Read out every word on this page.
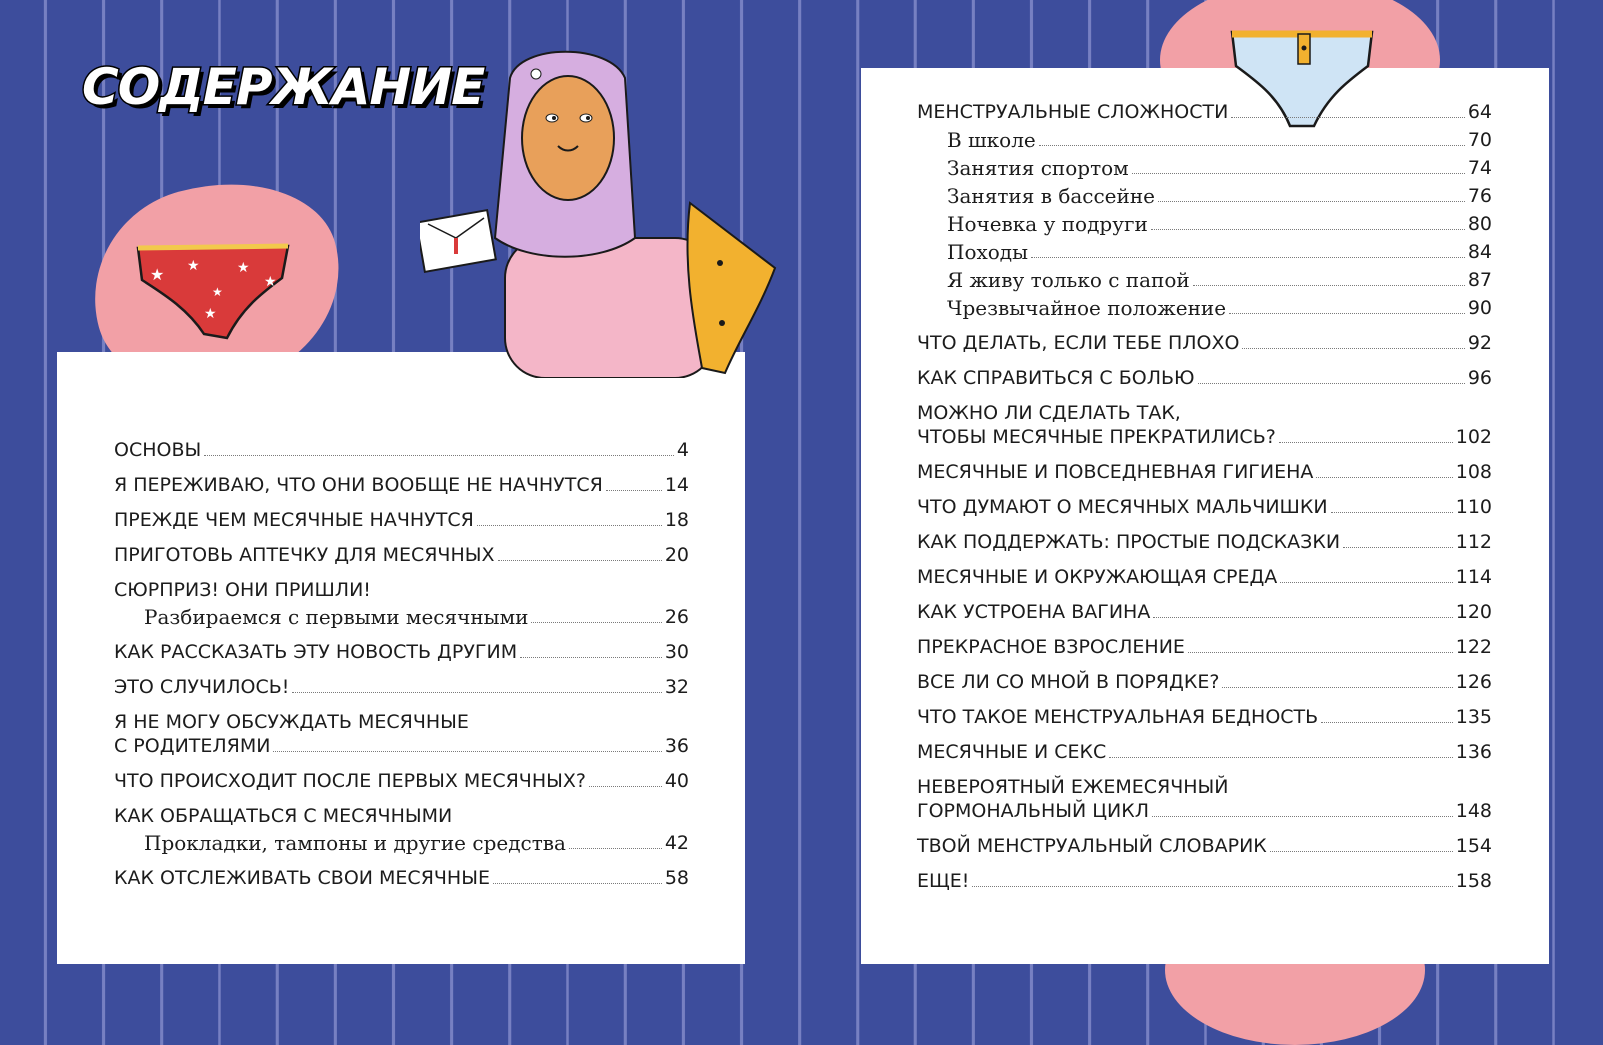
СОДЕРЖАНИЕ
★ ★	★
★
★
★
ОСНОВЫ	4
Я ПЕРЕЖИВАЮ, ЧТО ОНИ ВООБЩЕ НЕ НАЧНУТСЯ	14
ПРЕЖДЕ ЧЕМ МЕСЯЧНЫЕ НАЧНУТСЯ	18
ПРИГОТОВЬ АПТЕЧКУ ДЛЯ МЕСЯЧНЫХ	20
СЮРПРИЗ! ОНИ ПРИШЛИ!
Разбираемся с первыми месячными	26
КАК РАССКАЗАТЬ ЭТУ НОВОСТЬ ДРУГИМ	30
ЭТО СЛУЧИЛОСЬ!	32
Я НЕ МОГУ ОБСУЖДАТЬ МЕСЯЧНЫЕ
С РОДИТЕЛЯМИ	36
ЧТО ПРОИСХОДИТ ПОСЛЕ ПЕРВЫХ МЕСЯЧНЫХ?	40
КАК ОБРАЩАТЬСЯ С МЕСЯЧНЫМИ
Прокладки, тампоны и другие средства	42
КАК ОТСЛЕЖИВАТЬ СВОИ МЕСЯЧНЫЕ	58
МЕНСТРУАЛЬНЫЕ СЛОЖНОСТИ	64
В школе	70
Занятия спортом	74
Занятия в бассейне	76
Ночевка у подруги	80
Походы	84
Я живу только с папой	87
Чрезвычайное положение	90
ЧТО ДЕЛАТЬ, ЕСЛИ ТЕБЕ ПЛОХО	92
КАК СПРАВИТЬСЯ С БОЛЬЮ	96
МОЖНО ЛИ СДЕЛАТЬ ТАК,
ЧТОБЫ МЕСЯЧНЫЕ ПРЕКРАТИЛИСЬ?	102
МЕСЯЧНЫЕ И ПОВСЕДНЕВНАЯ ГИГИЕНА	108
ЧТО ДУМАЮТ О МЕСЯЧНЫХ МАЛЬЧИШКИ	110
КАК ПОДДЕРЖАТЬ: ПРОСТЫЕ ПОДСКАЗКИ	112
МЕСЯЧНЫЕ И ОКРУЖАЮЩАЯ СРЕДА	114
КАК УСТРОЕНА ВАГИНА	120
ПРЕКРАСНОЕ ВЗРОСЛЕНИЕ	122
ВСЕ ЛИ СО МНОЙ В ПОРЯДКЕ?	126
ЧТО ТАКОЕ МЕНСТРУАЛЬНАЯ БЕДНОСТЬ	135
МЕСЯЧНЫЕ И СЕКС	136
НЕВЕРОЯТНЫЙ ЕЖЕМЕСЯЧНЫЙ
ГОРМОНАЛЬНЫЙ ЦИКЛ	148
ТВОЙ МЕНСТРУАЛЬНЫЙ СЛОВАРИК	154
ЕЩЕ!	158
